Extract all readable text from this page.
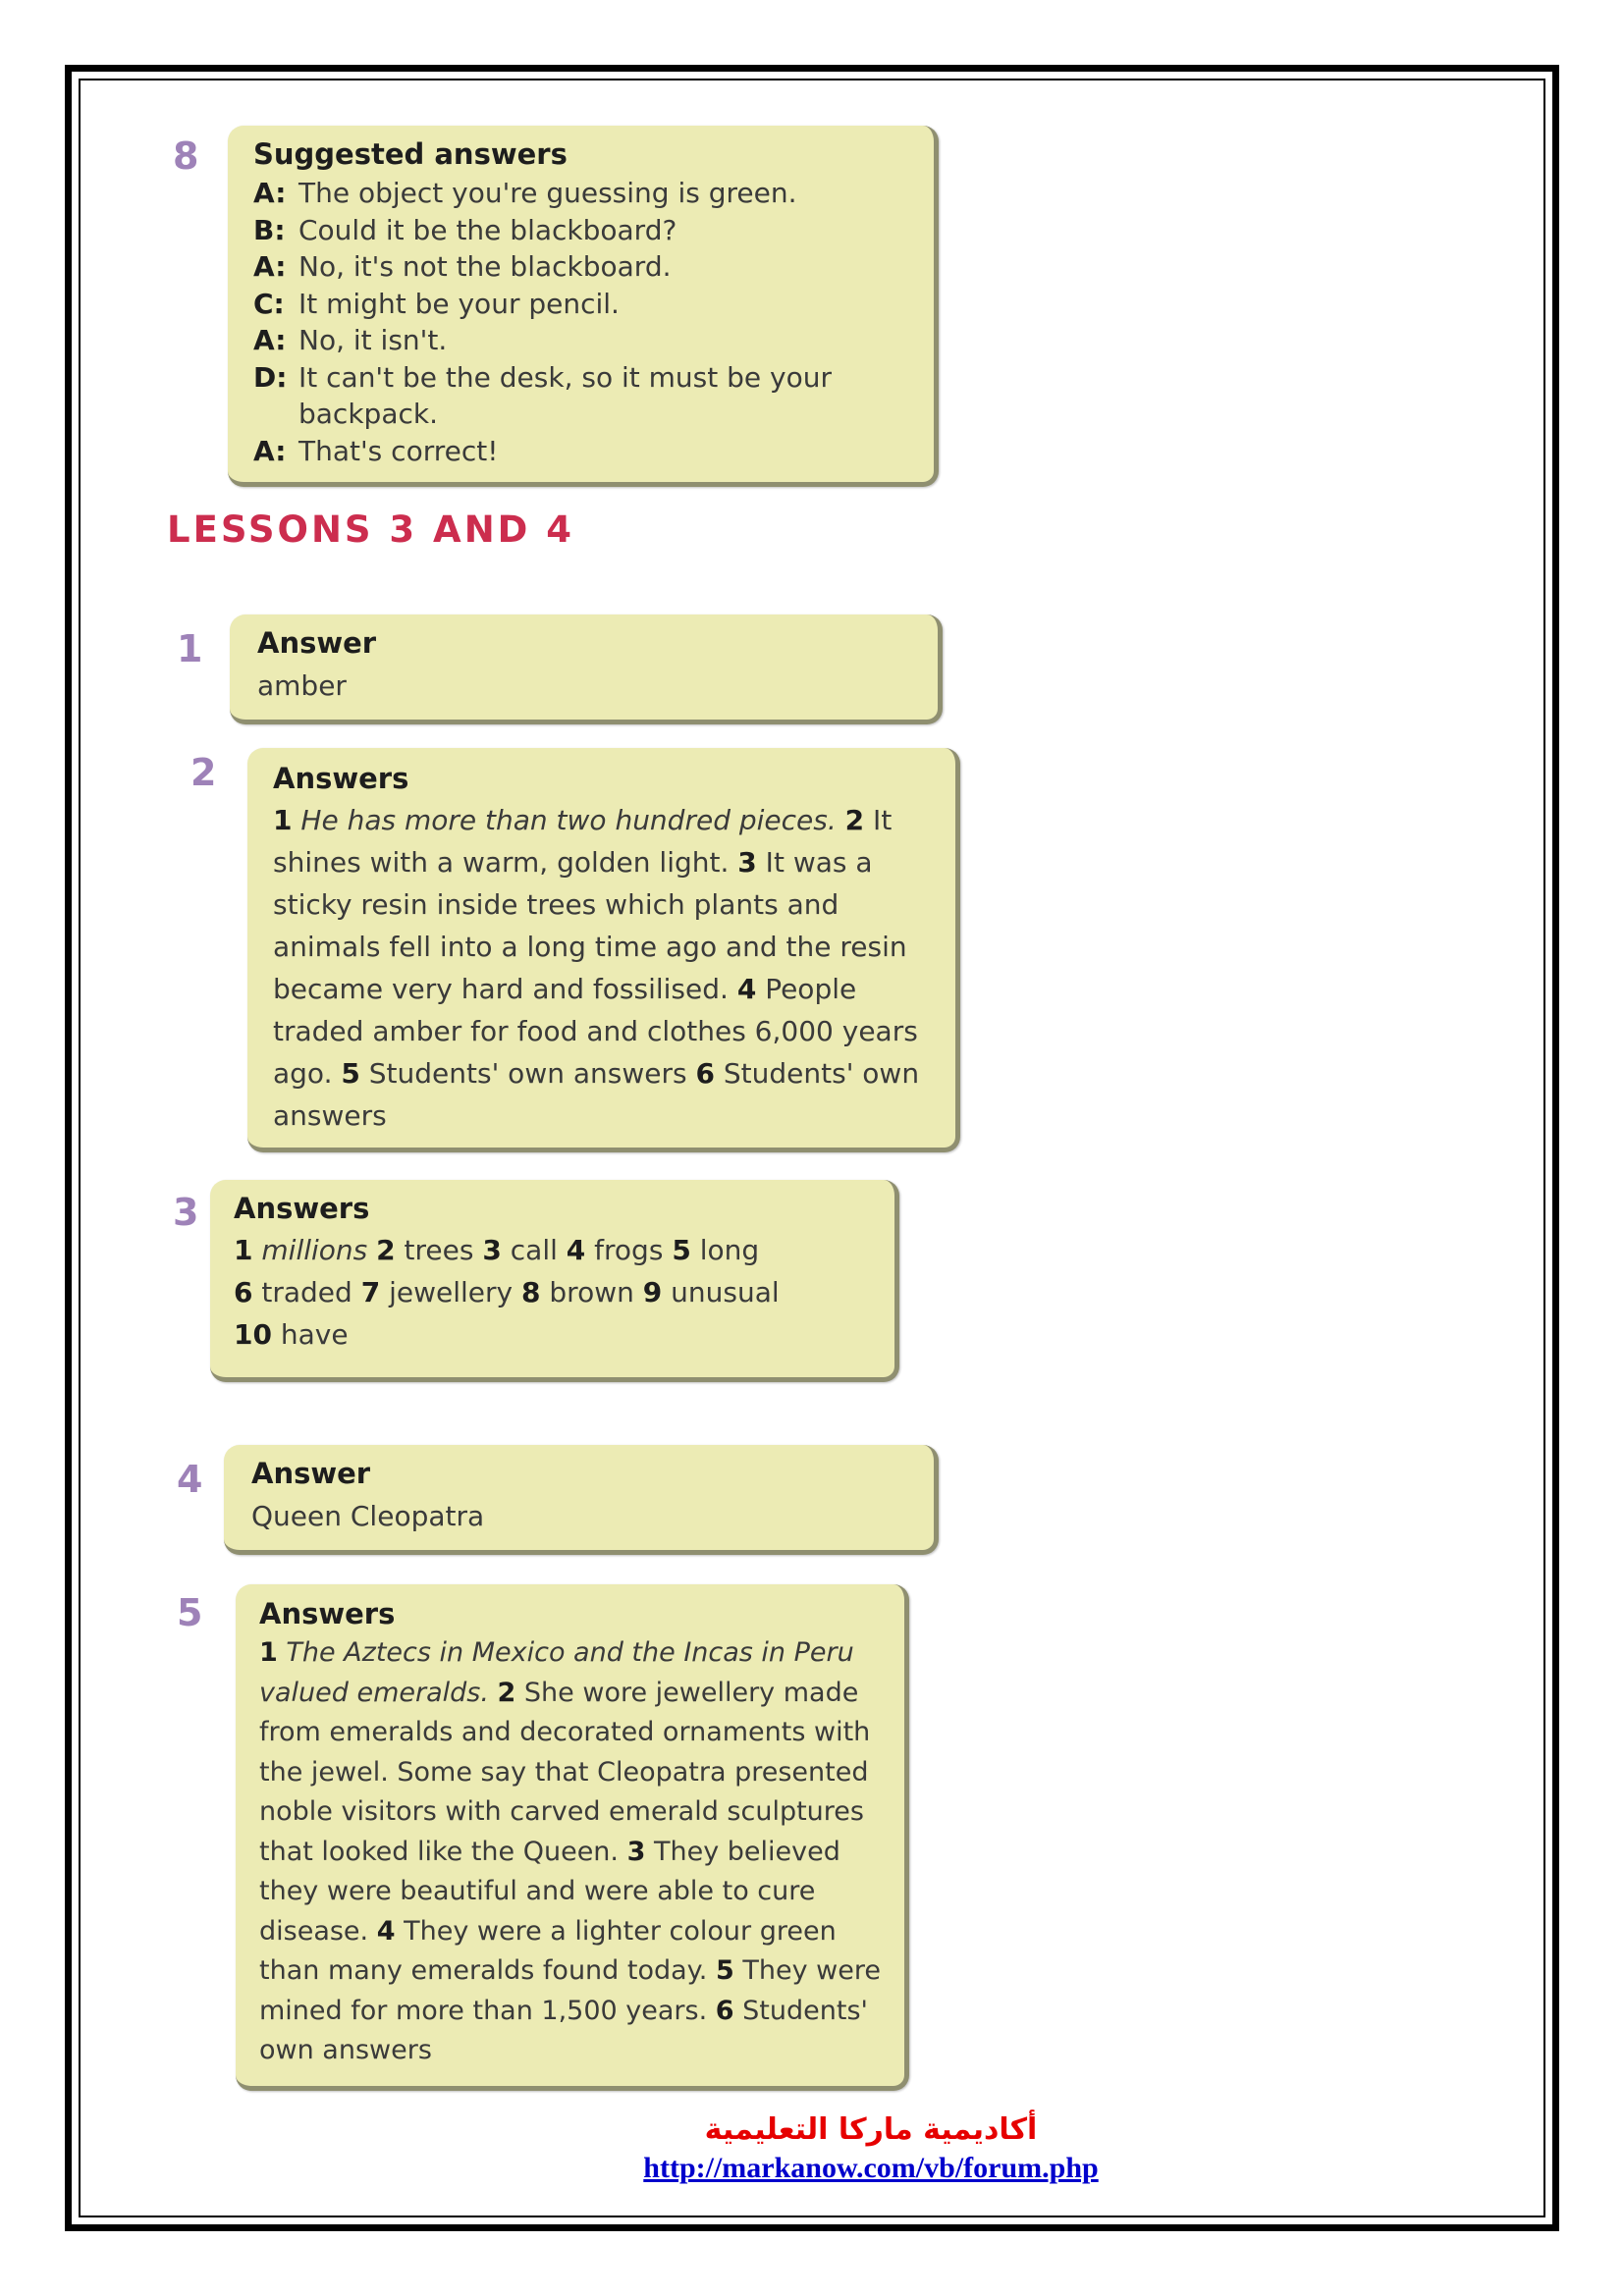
8 Suggested answers
A: The object you're guessing is green.
B: Could it be the blackboard?
A: No, it's not the blackboard.
C: It might be your pencil.
A: No, it isn't.
D: It can't be the desk, so it must be your backpack.
A: That's correct!
LESSONS 3 AND 4
1 Answer
amber
2 Answers
1 He has more than two hundred pieces. 2 It shines with a warm, golden light. 3 It was a sticky resin inside trees which plants and animals fell into a long time ago and the resin became very hard and fossilised. 4 People traded amber for food and clothes 6,000 years ago. 5 Students' own answers 6 Students' own answers
3 Answers
1 millions 2 trees 3 call 4 frogs 5 long
6 traded 7 jewellery 8 brown 9 unusual
10 have
4 Answer
Queen Cleopatra
5 Answers
1 The Aztecs in Mexico and the Incas in Peru valued emeralds. 2 She wore jewellery made from emeralds and decorated ornaments with the jewel. Some say that Cleopatra presented noble visitors with carved emerald sculptures that looked like the Queen. 3 They believed they were beautiful and were able to cure disease. 4 They were a lighter colour green than many emeralds found today. 5 They were mined for more than 1,500 years. 6 Students' own answers
أكاديمية ماركا التعليمية
http://markanow.com/vb/forum.php
